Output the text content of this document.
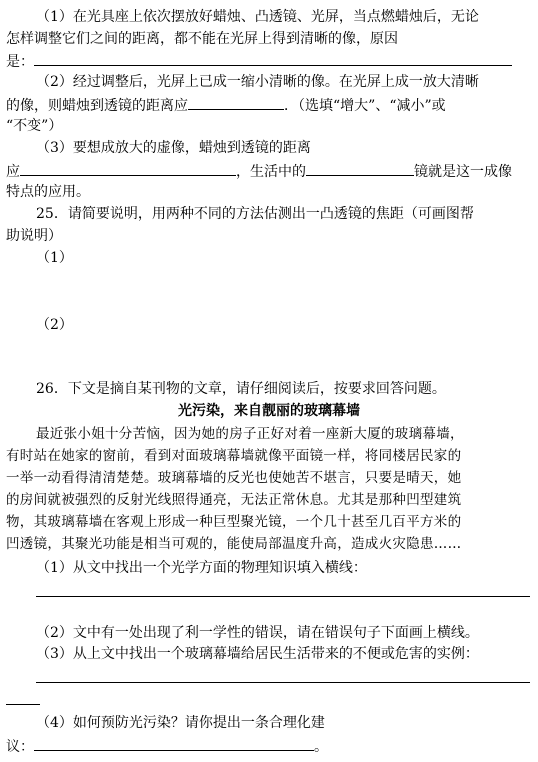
（1）在光具座上依次摆放好蜡烛、凸透镜、光屏，当点燃蜡烛后，无论
怎样调整它们之间的距离，都不能在光屏上得到清晰的像，原因
是：
（2）经过调整后，光屏上已成一缩小清晰的像。在光屏上成一放大清晰
的像，则蜡烛到透镜的距离应	．（选填“增大”、“减小”或
“不变”）
（3）要想成放大的虚像，蜡烛到透镜的距离
应	，生活中的	镜就是这一成像
特点的应用。
25．请简要说明，用两种不同的方法估测出一凸透镜的焦距（可画图帮
助说明）
（1）
（2）
26．下文是摘自某刊物的文章，请仔细阅读后，按要求回答问题。
光污染，来自靓丽的玻璃幕墙
最近张小姐十分苦恼，因为她的房子正好对着一座新大厦的玻璃幕墙，
有时站在她家的窗前，看到对面玻璃幕墙就像平面镜一样，将同楼居民家的
一举一动看得清清楚楚。玻璃幕墙的反光也使她苦不堪言，只要是晴天，她
的房间就被强烈的反射光线照得通亮，无法正常休息。尤其是那种凹型建筑
物，其玻璃幕墙在客观上形成一种巨型聚光镜，一个几十甚至几百平方米的
凹透镜，其聚光功能是相当可观的，能使局部温度升高，造成火灾隐患……
（1）从文中找出一个光学方面的物理知识填入横线：
（2）文中有一处出现了利一学性的错误，请在错误句子下面画上横线。
（3）从上文中找出一个玻璃幕墙给居民生活带来的不便或危害的实例：
（4）如何预防光污染？请你提出一条合理化建
议：	。
